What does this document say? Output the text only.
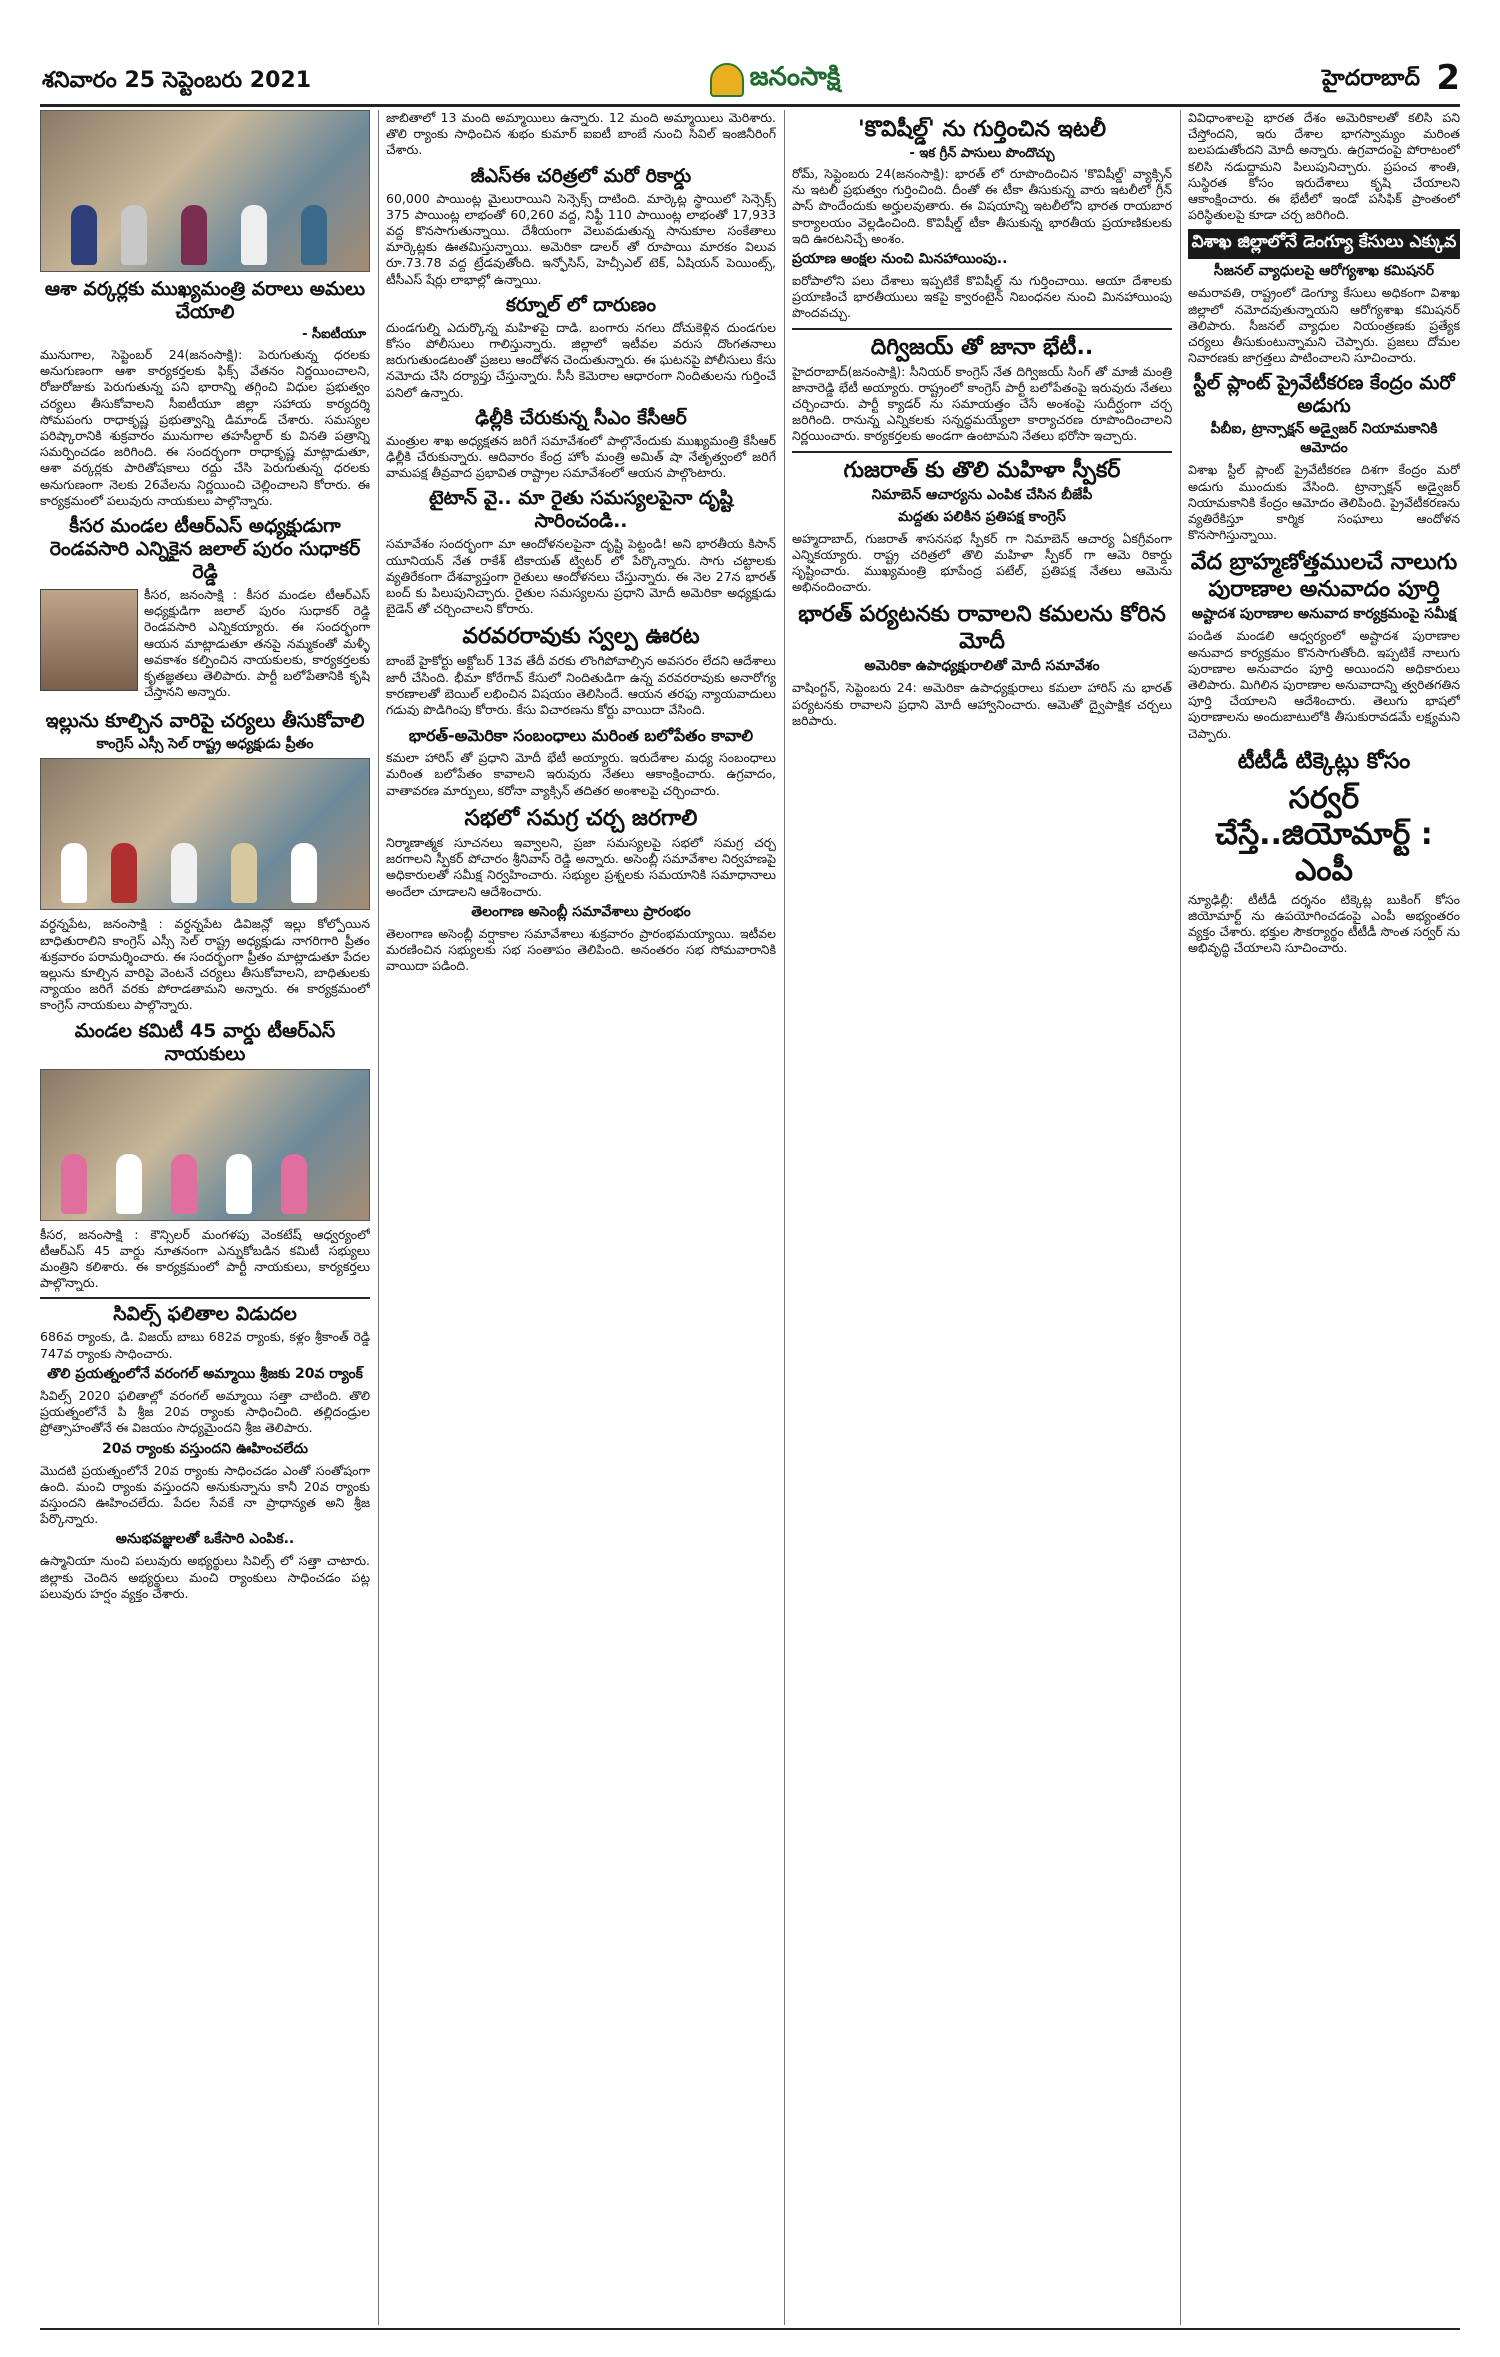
శనివారం 25 సెప్టెంబరు 2021	జనంసాక్షి	హైదరాబాద్ 2
ఆశా వర్కర్లకు ముఖ్యమంత్రి వరాలు అమలు చేయాలి
- సీఐటీయూ

మునుగాల, సెప్టెంబర్ 24(జనంసాక్షి): పెరుగుతున్న ధరలకు అనుగుణంగా ఆశా కార్యకర్తలకు ఫిక్స్ వేతనం నిర్ణయించాలని, రోజురోజుకు పెరుగుతున్న పని భారాన్ని తగ్గించి విధుల ప్రభుత్వం చర్యలు తీసుకోవాలని సీఐటీయూ జిల్లా సహాయ కార్యదర్శి సోమపంగు రాధాకృష్ణ ప్రభుత్వాన్ని డిమాండ్ చేశారు. సమస్యల పరిష్కారానికి శుక్రవారం మునుగాల తహసీల్దార్ కు వినతి పత్రాన్ని సమర్పించడం జరిగింది. ఈ సందర్భంగా రాధాకృష్ణ మాట్లాడుతూ, ఆశా వర్కర్లకు పారితోషకాలు రద్దు చేసి పెరుగుతున్న ధరలకు అనుగుణంగా నెలకు 26వేలను నిర్ణయించి చెల్లించాలని కోరారు. ఈ కార్యక్రమంలో పలువురు నాయకులు పాల్గొన్నారు.

కీసర మండల టీఆర్ఎస్ అధ్యక్షుడుగా రెండవసారి ఎన్నికైన జలాల్ పురం సుధాకర్ రెడ్డి

కీసర, జనంసాక్షి : కీసర మండల టీఆర్ఎస్ అధ్యక్షుడిగా జలాల్ పురం సుధాకర్ రెడ్డి రెండవసారి ఎన్నికయ్యారు. ఈ సందర్భంగా ఆయన మాట్లాడుతూ తనపై నమ్మకంతో మళ్ళీ అవకాశం కల్పించిన నాయకులకు, కార్యకర్తలకు కృతజ్ఞతలు తెలిపారు. పార్టీ బలోపేతానికి కృషి చేస్తానని అన్నారు.

ఇల్లును కూల్చిన వారిపై చర్యలు తీసుకోవాలి
కాంగ్రెస్ ఎస్సీ సెల్ రాష్ట్ర అధ్యక్షుడు ప్రీతం

వర్ధన్నపేట, జనంసాక్షి : వర్ధన్నపేట డివిజన్లో ఇల్లు కోల్పోయిన బాధితురాలిని కాంగ్రెస్ ఎస్సీ సెల్ రాష్ట్ర అధ్యక్షుడు నాగరిగారి ప్రీతం శుక్రవారం పరామర్శించారు. ఈ సందర్భంగా ప్రీతం మాట్లాడుతూ పేదల ఇల్లును కూల్చిన వారిపై వెంటనే చర్యలు తీసుకోవాలని, బాధితులకు న్యాయం జరిగే వరకు పోరాడతామని అన్నారు. ఈ కార్యక్రమంలో కాంగ్రెస్ నాయకులు పాల్గొన్నారు.

మండల కమిటీ 45 వార్డు టీఆర్ఎస్ నాయకులు

కీసర, జనంసాక్షి : కౌన్సిలర్ మంగళపు వెంకటేష్ ఆధ్వర్యంలో టీఆర్ఎస్ 45 వార్డు నూతనంగా ఎన్నుకోబడిన కమిటీ సభ్యులు మంత్రిని కలిశారు. ఈ కార్యక్రమంలో పార్టీ నాయకులు, కార్యకర్తలు పాల్గొన్నారు.

సివిల్స్ ఫలితాల విడుదల

686వ ర్యాంకు, డి. విజయ్ బాబు 682వ ర్యాంకు, కళ్లం శ్రీకాంత్ రెడ్డి 747వ ర్యాంకు సాధించారు.

తొలి ప్రయత్నంలోనే వరంగల్ అమ్మాయి శ్రీజకు 20వ ర్యాంక్

సివిల్స్ 2020 ఫలితాల్లో వరంగల్ అమ్మాయి సత్తా చాటింది. తొలి ప్రయత్నంలోనే పి శ్రీజ 20వ ర్యాంకు సాధించింది. తల్లిదండ్రుల ప్రోత్సాహంతోనే ఈ విజయం సాధ్యమైందని శ్రీజ తెలిపారు.

20వ ర్యాంకు వస్తుందని ఊహించలేదు

మొదటి ప్రయత్నంలోనే 20వ ర్యాంకు సాధించడం ఎంతో సంతోషంగా ఉంది. మంచి ర్యాంకు వస్తుందని అనుకున్నాను కానీ 20వ ర్యాంకు వస్తుందని ఊహించలేదు. పేదల సేవకే నా ప్రాధాన్యత అని శ్రీజ పేర్కొన్నారు.

అనుభవజ్ఞులతో ఒకేసారి ఎంపిక..

ఉస్మానియా నుంచి పలువురు అభ్యర్థులు సివిల్స్ లో సత్తా చాటారు. జిల్లాకు చెందిన అభ్యర్థులు మంచి ర్యాంకులు సాధించడం పట్ల పలువురు హర్షం వ్యక్తం చేశారు.

జాబితాలో 13 మంది అమ్మాయిలు ఉన్నారు. 12 మంది అమ్మాయిలు మెరిశారు. తొలి ర్యాంకు సాధించిన శుభం కుమార్ ఐఐటీ బాంబే నుంచి సివిల్ ఇంజినీరింగ్ చేశారు.

జీఎస్ఈ చరిత్రలో మరో రికార్డు

60,000 పాయింట్ల మైలురాయిని సెన్సెక్స్ దాటింది. మార్కెట్ల స్థాయిలో సెన్సెక్స్ 375 పాయింట్ల లాభంతో 60,260 వద్ద, నిఫ్టీ 110 పాయింట్ల లాభంతో 17,933 వద్ద కొనసాగుతున్నాయి. దేశీయంగా వెలువడుతున్న సానుకూల సంకేతాలు మార్కెట్లకు ఊతమిస్తున్నాయి. అమెరికా డాలర్ తో రూపాయి మారకం విలువ రూ.73.78 వద్ద ట్రేడవుతోంది. ఇన్ఫోసిస్, హెచ్సీఎల్ టెక్, ఏషియన్ పెయింట్స్, టీసీఎస్ షేర్లు లాభాల్లో ఉన్నాయి.

కర్నూల్ లో దారుణం

దుండగుల్ని ఎదుర్కొన్న మహిళపై దాడి. బంగారు నగలు దోచుకెళ్లిన దుండగుల కోసం పోలీసులు గాలిస్తున్నారు. జిల్లాలో ఇటీవల వరుస దొంగతనాలు జరుగుతుండటంతో ప్రజలు ఆందోళన చెందుతున్నారు. ఈ ఘటనపై పోలీసులు కేసు నమోదు చేసి దర్యాప్తు చేస్తున్నారు. సీసీ కెమెరాల ఆధారంగా నిందితులను గుర్తించే పనిలో ఉన్నారు.

ఢిల్లీకి చేరుకున్న సీఎం కేసీఆర్

మంత్రుల శాఖ అధ్యక్షతన జరిగే సమావేశంలో పాల్గొనేందుకు ముఖ్యమంత్రి కేసీఆర్ ఢిల్లీకి చేరుకున్నారు. ఆదివారం కేంద్ర హోం మంత్రి అమిత్ షా నేతృత్వంలో జరిగే వామపక్ష తీవ్రవాద ప్రభావిత రాష్ట్రాల సమావేశంలో ఆయన పాల్గొంటారు.

టైటాన్ వై.. మా రైతు సమస్యలపైనా దృష్టి సారించండి..

సమావేశం సందర్భంగా మా ఆందోళనలపైనా దృష్టి పెట్టండి! అని భారతీయ కిసాన్ యూనియన్ నేత రాకేశ్ టికాయత్ ట్విటర్ లో పేర్కొన్నారు. సాగు చట్టాలకు వ్యతిరేకంగా దేశవ్యాప్తంగా రైతులు ఆందోళనలు చేస్తున్నారు. ఈ నెల 27న భారత్ బంద్ కు పిలుపునిచ్చారు. రైతుల సమస్యలను ప్రధాని మోదీ అమెరికా అధ్యక్షుడు బైడెన్ తో చర్చించాలని కోరారు.

వరవరరావుకు స్వల్ప ఊరట

బాంబే హైకోర్టు అక్టోబర్ 13వ తేదీ వరకు లొంగిపోవాల్సిన అవసరం లేదని ఆదేశాలు జారీ చేసింది. భీమా కోరేగావ్ కేసులో నిందితుడిగా ఉన్న వరవరరావుకు అనారోగ్య కారణాలతో బెయిల్ లభించిన విషయం తెలిసిందే. ఆయన తరఫు న్యాయవాదులు గడువు పొడిగింపు కోరారు. కేసు విచారణను కోర్టు వాయిదా వేసింది.

భారత్-అమెరికా సంబంధాలు మరింత బలోపేతం కావాలి

కమలా హారిస్ తో ప్రధాని మోదీ భేటీ అయ్యారు. ఇరుదేశాల మధ్య సంబంధాలు మరింత బలోపేతం కావాలని ఇరువురు నేతలు ఆకాంక్షించారు. ఉగ్రవాదం, వాతావరణ మార్పులు, కరోనా వ్యాక్సిన్ తదితర అంశాలపై చర్చించారు.

సభలో సమగ్ర చర్చ జరగాలి

నిర్మాణాత్మక సూచనలు ఇవ్వాలని, ప్రజా సమస్యలపై సభలో సమగ్ర చర్చ జరగాలని స్పీకర్ పోచారం శ్రీనివాస్ రెడ్డి అన్నారు. అసెంబ్లీ సమావేశాల నిర్వహణపై అధికారులతో సమీక్ష నిర్వహించారు. సభ్యుల ప్రశ్నలకు సమయానికి సమాధానాలు అందేలా చూడాలని ఆదేశించారు.

తెలంగాణ అసెంబ్లీ సమావేశాలు ప్రారంభం

తెలంగాణ అసెంబ్లీ వర్షాకాల సమావేశాలు శుక్రవారం ప్రారంభమయ్యాయి. ఇటీవల మరణించిన సభ్యులకు సభ సంతాపం తెలిపింది. అనంతరం సభ సోమవారానికి వాయిదా పడింది.

'కొవిషీల్డ్' ను గుర్తించిన ఇటలీ
- ఇక గ్రీన్ పాసులు పొందొచ్చు

రోమ్, సెప్టెంబరు 24(జనంసాక్షి): భారత్ లో రూపొందించిన 'కొవిషీల్డ్' వ్యాక్సిన్ ను ఇటలీ ప్రభుత్వం గుర్తించింది. దీంతో ఈ టీకా తీసుకున్న వారు ఇటలీలో గ్రీన్ పాస్ పొందేందుకు అర్హులవుతారు. ఈ విషయాన్ని ఇటలీలోని భారత రాయబార కార్యాలయం వెల్లడించింది. కొవిషీల్డ్ టీకా తీసుకున్న భారతీయ ప్రయాణికులకు ఇది ఊరటనిచ్చే అంశం.

ప్రయాణ ఆంక్షల నుంచి మినహాయింపు..

ఐరోపాలోని పలు దేశాలు ఇప్పటికే కొవిషీల్డ్ ను గుర్తించాయి. ఆయా దేశాలకు ప్రయాణించే భారతీయులు ఇకపై క్వారంటైన్ నిబంధనల నుంచి మినహాయింపు పొందవచ్చు.

దిగ్విజయ్ తో జానా భేటీ..

హైదరాబాద్(జనంసాక్షి): సీనియర్ కాంగ్రెస్ నేత దిగ్విజయ్ సింగ్ తో మాజీ మంత్రి జానారెడ్డి భేటీ అయ్యారు. రాష్ట్రంలో కాంగ్రెస్ పార్టీ బలోపేతంపై ఇరువురు నేతలు చర్చించారు. పార్టీ క్యాడర్ ను సమాయత్తం చేసే అంశంపై సుదీర్ఘంగా చర్చ జరిగింది. రానున్న ఎన్నికలకు సన్నద్ధమయ్యేలా కార్యాచరణ రూపొందించాలని నిర్ణయించారు. కార్యకర్తలకు అండగా ఉంటామని నేతలు భరోసా ఇచ్చారు.

గుజరాత్ కు తొలి మహిళా స్పీకర్
నిమాబెన్ ఆచార్యను ఎంపిక చేసిన బీజేపీ
మద్దతు పలికిన ప్రతిపక్ష కాంగ్రెస్

అహ్మదాబాద్, గుజరాత్ శాసనసభ స్పీకర్ గా నిమాబెన్ ఆచార్య ఏకగ్రీవంగా ఎన్నికయ్యారు. రాష్ట్ర చరిత్రలో తొలి మహిళా స్పీకర్ గా ఆమె రికార్డు సృష్టించారు. ముఖ్యమంత్రి భూపేంద్ర పటేల్, ప్రతిపక్ష నేతలు ఆమెను అభినందించారు.

భారత్ పర్యటనకు రావాలని కమలను కోరిన మోదీ
అమెరికా ఉపాధ్యక్షురాలితో మోదీ సమావేశం

వాషింగ్టన్, సెప్టెంబరు 24: అమెరికా ఉపాధ్యక్షురాలు కమలా హారిస్ ను భారత్ పర్యటనకు రావాలని ప్రధాని మోదీ ఆహ్వానించారు. ఆమెతో ద్వైపాక్షిక చర్చలు జరిపారు.

వివిధాంశాలపై భారత దేశం అమెరికాలతో కలిసి పని చేస్తోందని, ఇరు దేశాల భాగస్వామ్యం మరింత బలపడుతోందని మోదీ అన్నారు. ఉగ్రవాదంపై పోరాటంలో కలిసి నడుద్దామని పిలుపునిచ్చారు. ప్రపంచ శాంతి, సుస్థిరత కోసం ఇరుదేశాలు కృషి చేయాలని ఆకాంక్షించారు. ఈ భేటీలో ఇండో పసిఫిక్ ప్రాంతంలో పరిస్థితులపై కూడా చర్చ జరిగింది.

విశాఖ జిల్లాలోనే డెంగ్యూ కేసులు ఎక్కువ
సీజనల్ వ్యాధులపై ఆరోగ్యశాఖ కమిషనర్

అమరావతి, రాష్ట్రంలో డెంగ్యూ కేసులు అధికంగా విశాఖ జిల్లాలో నమోదవుతున్నాయని ఆరోగ్యశాఖ కమిషనర్ తెలిపారు. సీజనల్ వ్యాధుల నియంత్రణకు ప్రత్యేక చర్యలు తీసుకుంటున్నామని చెప్పారు. ప్రజలు దోమల నివారణకు జాగ్రత్తలు పాటించాలని సూచించారు.

స్టీల్ ప్లాంట్ ప్రైవేటీకరణ కేంద్రం మరో అడుగు
పీబీఐ, ట్రాన్సాక్షన్ అడ్వైజర్ నియామకానికి ఆమోదం

విశాఖ స్టీల్ ప్లాంట్ ప్రైవేటీకరణ దిశగా కేంద్రం మరో అడుగు ముందుకు వేసింది. ట్రాన్సాక్షన్ అడ్వైజర్ నియామకానికి కేంద్రం ఆమోదం తెలిపింది. ప్రైవేటీకరణను వ్యతిరేకిస్తూ కార్మిక సంఘాలు ఆందోళన కొనసాగిస్తున్నాయి.

వేద బ్రాహ్మణోత్తములచే నాలుగు పురాణాల అనువాదం పూర్తి
అష్టాదశ పురాణాల అనువాద కార్యక్రమంపై సమీక్ష

పండిత మండలి ఆధ్వర్యంలో అష్టాదశ పురాణాల అనువాద కార్యక్రమం కొనసాగుతోంది. ఇప్పటికే నాలుగు పురాణాల అనువాదం పూర్తి అయిందని అధికారులు తెలిపారు. మిగిలిన పురాణాల అనువాదాన్ని త్వరితగతిన పూర్తి చేయాలని ఆదేశించారు. తెలుగు భాషలో పురాణాలను అందుబాటులోకి తీసుకురావడమే లక్ష్యమని చెప్పారు.

టీటీడీ టిక్కెట్లు కోసం
సర్వర్ చేస్తే..జియోమార్ట్ : ఎంపీ

న్యూఢిల్లీ: టీటీడీ దర్శనం టిక్కెట్ల బుకింగ్ కోసం జియోమార్ట్ ను ఉపయోగించడంపై ఎంపీ అభ్యంతరం వ్యక్తం చేశారు. భక్తుల సౌకర్యార్థం టీటీడీ సొంత సర్వర్ ను అభివృద్ధి చేయాలని సూచించారు.
